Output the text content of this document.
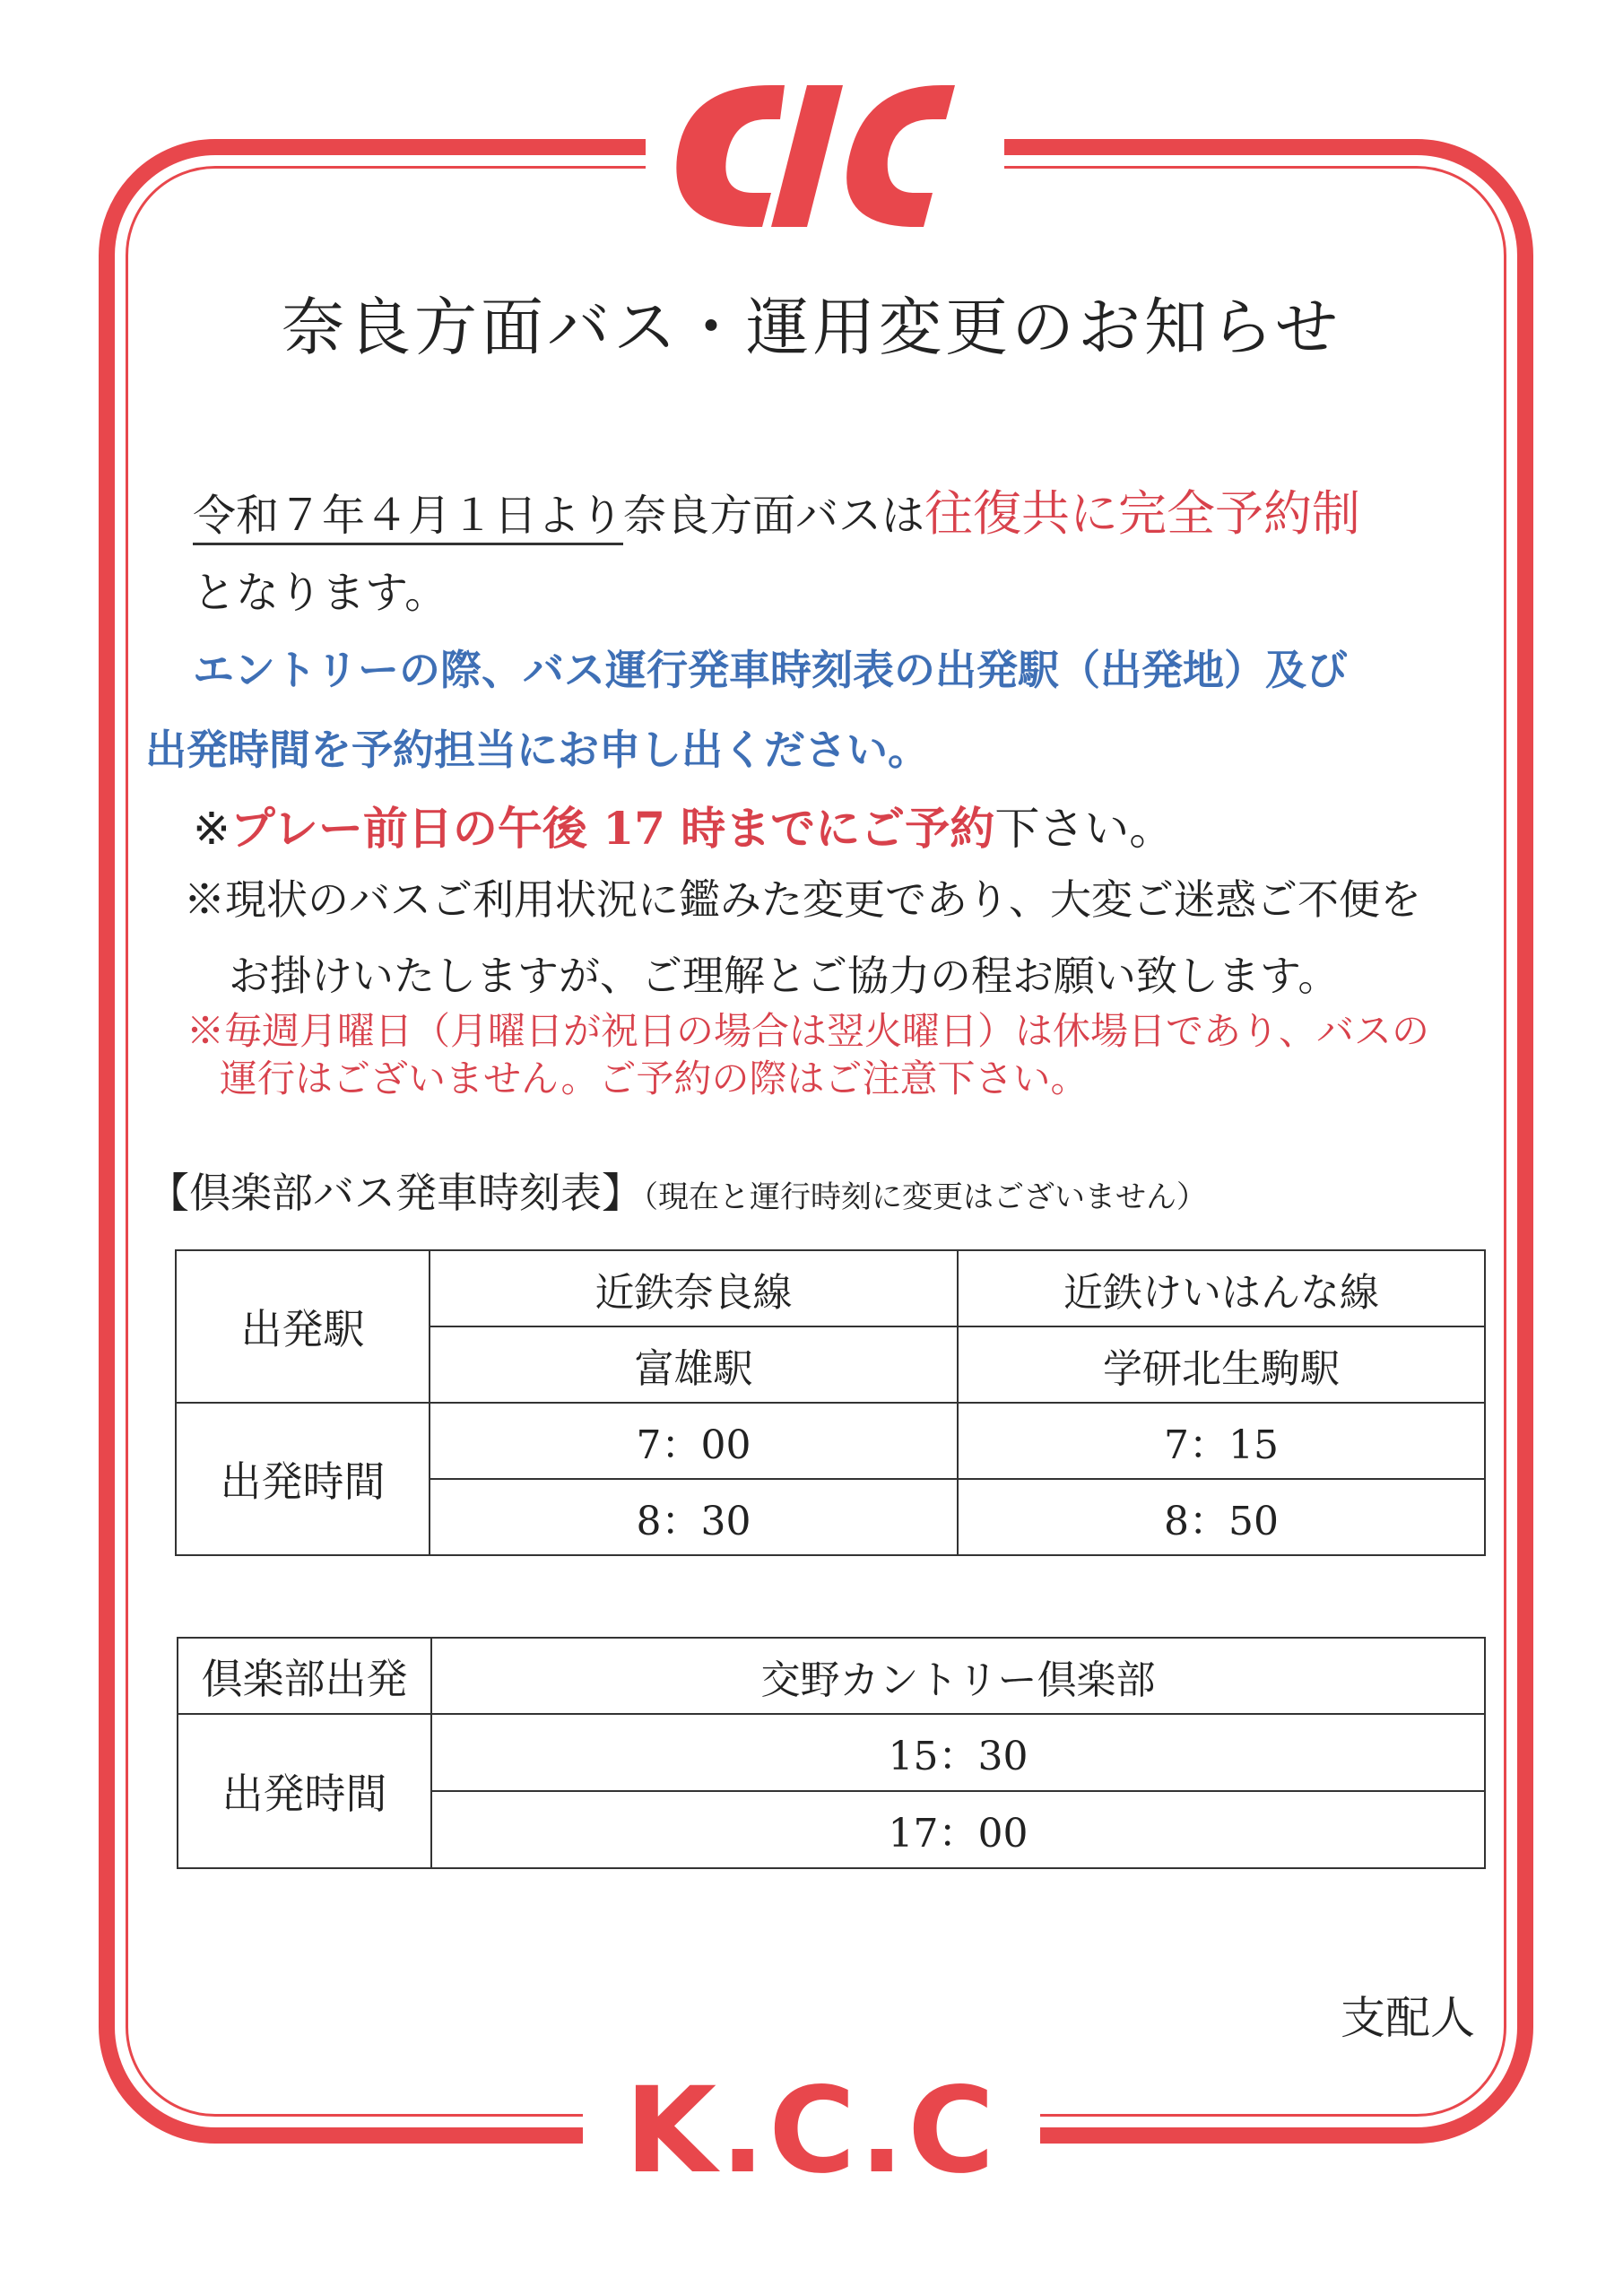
K.C.C
奈良方面バス・運用変更のお知らせ
令和７年４月１日より奈良方面バスは往復共に完全予約制
となります。
エントリーの際、バス運行発車時刻表の出発駅（出発地）及び
出発時間を予約担当にお申し出ください。
※プレー前日の午後 17 時までにご予約下さい。
※現状のバスご利用状況に鑑みた変更であり、大変ご迷惑ご不便を
お掛けいたしますが、ご理解とご協力の程お願い致します。
※毎週月曜日（月曜日が祝日の場合は翌火曜日）は休場日であり、バスの
運行はございません。ご予約の際はご注意下さい。
【倶楽部バス発車時刻表】（現在と運行時刻に変更はございません）
出発駅	近鉄奈良線	近鉄けいはんな線
	富雄駅	学研北生駒駅
出発時間	7：00	7：15
	8：30	8：50
倶楽部出発	交野カントリー倶楽部
出発時間	15：30
	17：00
支配人
